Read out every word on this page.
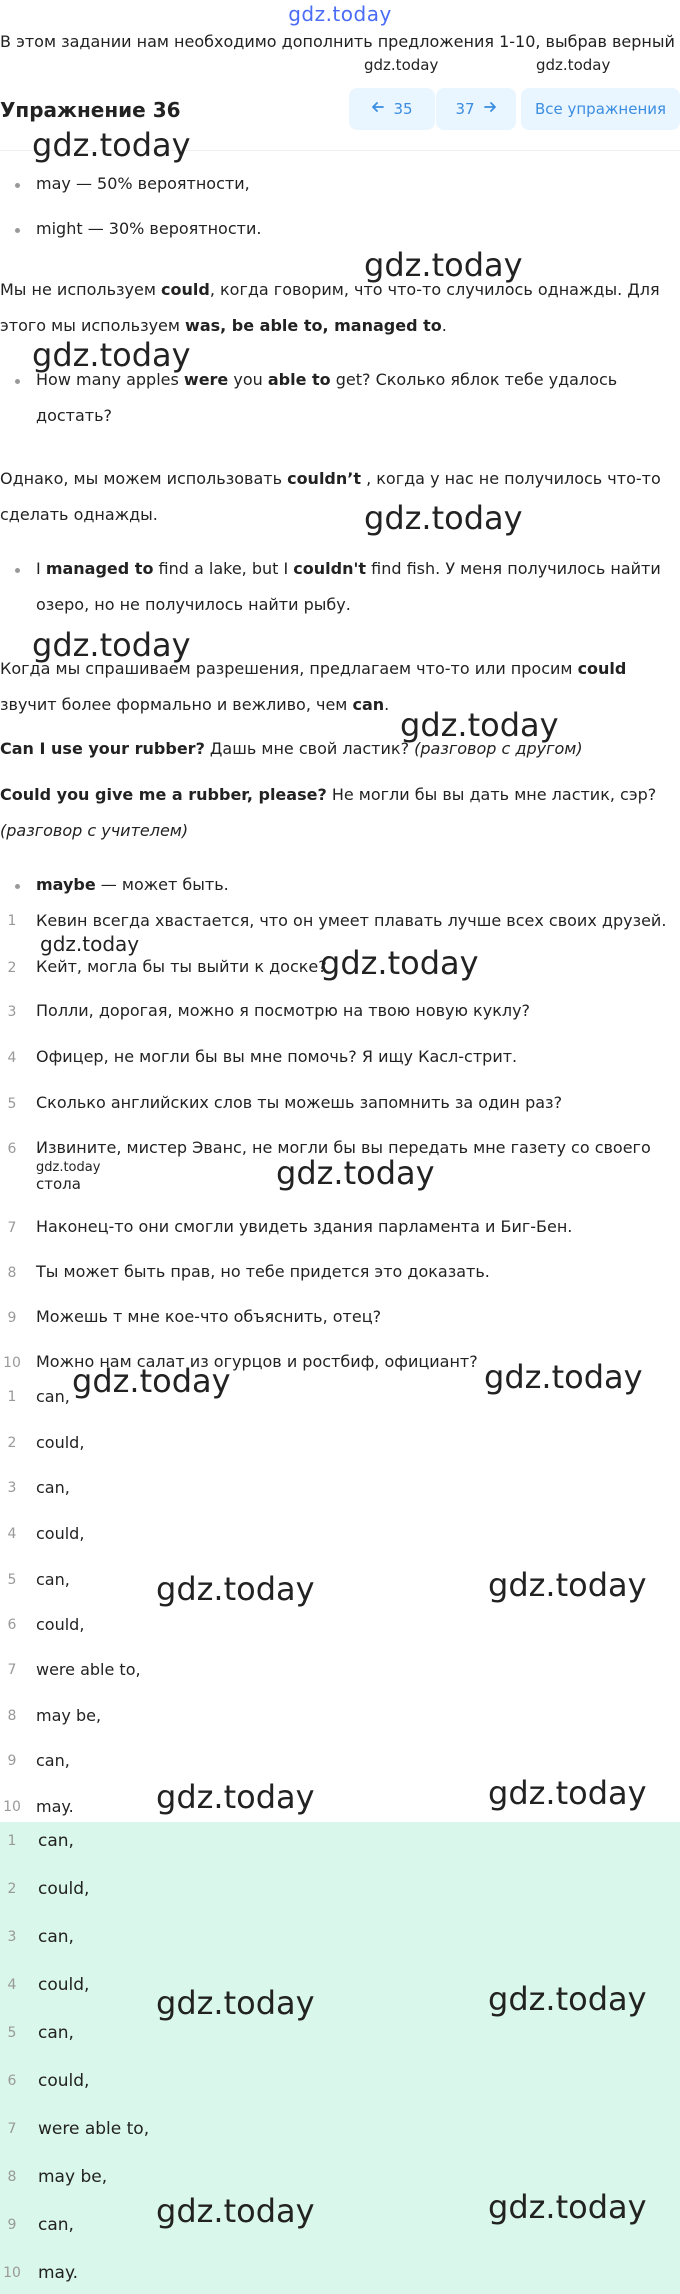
gdz.today
В этом задании нам необходимо дополнить предложения 1-10, выбрав верный
gdz.today	gdz.today
Упражнение 36	35	37	Все упражнения
gdz.today
may — 50% вероятности,
might — 30% вероятности.
gdz.today
Мы не используем could, когда говорим, что что-то случилось однажды. Для
этого мы используем was, be able to, managed to.
gdz.today
How many apples were you able to get? Сколько яблок тебе удалось
достать?
Однако, мы можем использовать couldn’t , когда у нас не получилось что-то
сделать однажды.	gdz.today
I managed to find a lake, but I couldn't find fish. У меня получилось найти
озеро, но не получилось найти рыбу.
gdz.today
Когда мы спрашиваем разрешения, предлагаем что-то или просим could
звучит более формально и вежливо, чем can.
gdz.today
Can I use your rubber? Дашь мне свой ластик? (разговор с другом)
Could you give me a rubber, please? Не могли бы вы дать мне ластик, сэр?
(разговор с учителем)
maybe — может быть.
1	Кевин всегда хвастается, что он умеет плавать лучше всех своих друзей.
gdz.today
2	Кейт, могла бы ты выйти к доске?
gdz.today
3	Полли, дорогая, можно я посмотрю на твою новую куклу?
4	Офицер, не могли бы вы мне помочь? Я ищу Касл-стрит.
5	Сколько английских слов ты можешь запомнить за один раз?
6	Извините, мистер Эванс, не могли бы вы передать мне газету со своего
gdz.today
стола	gdz.today
7	Наконец-то они смогли увидеть здания парламента и Биг-Бен.
8	Ты может быть прав, но тебе придется это доказать.
9	Можешь т мне кое-что объяснить, отец?
10 Можно нам салат из огурцов и ростбиф, официант?
gdz.today	gdz.today
1	can,
2	could,
3	can,
4	could,
5	can,	gdz.today	gdz.today
6	could,
7	were able to,
8	may be,
9	can,
10 may.	gdz.today	gdz.today
1	can,
2	could,
3	can,
4	could, gdz.today	gdz.today
5	can,
6	could,
7	were able to,
8	may be,
gdz.today	gdz.today
9	can,
10 may.
